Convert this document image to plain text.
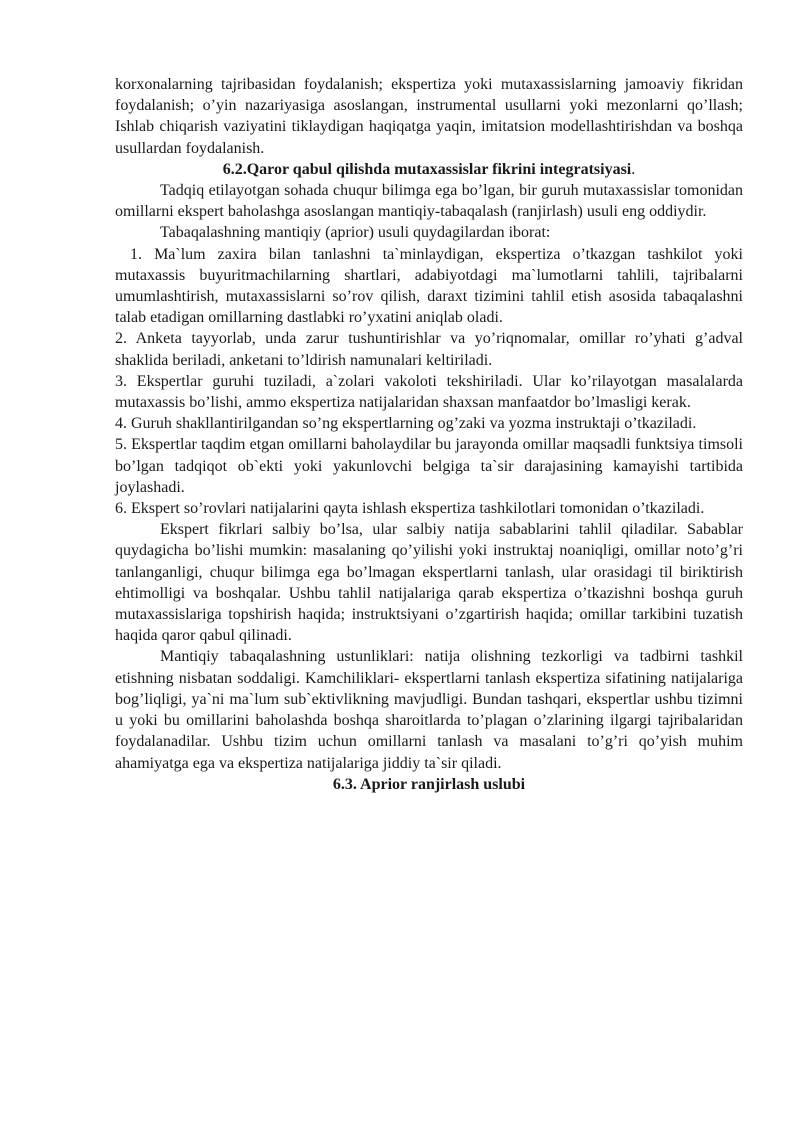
korxonalarning tajribasidan foydalanish; ekspertiza yoki mutaxassislarning jamoaviy fikridan foydalanish; o’yin nazariyasiga asoslangan, instrumental usullarni yoki mezonlarni qo’llash; Ishlab chiqarish vaziyatini tiklaydigan haqiqatga yaqin, imitatsion modellashtirishdan va boshqa usullardan foydalanish.

6.2.Qaror qabul qilishda mutaxassislar fikrini integratsiyasi.

Tadqiq etilayotgan sohada chuqur bilimga ega bo’lgan, bir guruh mutaxassislar tomonidan omillarni ekspert baholashga asoslangan mantiqiy-tabaqalash (ranjirlash) usuli eng oddiydir.

Tabaqalashning mantiqiy (aprior) usuli quydagilardan iborat:

1. Ma`lum zaxira bilan tanlashni ta`minlaydigan, ekspertiza o’tkazgan tashkilot yoki mutaxassis buyuritmachilarning shartlari, adabiyotdagi ma`lumotlarni tahlili, tajribalarni umumlashtirish, mutaxassislarni so’rov qilish, daraxt tizimini tahlil etish asosida tabaqalashni talab etadigan omillarning dastlabki ro’yxatini aniqlab oladi.

2. Anketa tayyorlab, unda zarur tushuntirishlar va yo’riqnomalar, omillar ro’yhati g’adval shaklida beriladi, anketani to’ldirish namunalari keltiriladi.

3. Ekspertlar guruhi tuziladi, a`zolari vakoloti tekshiriladi. Ular ko’rilayotgan masalalarda mutaxassis bo’lishi, ammo ekspertiza natijalaridan shaxsan manfaatdor bo’lmasligi kerak.

4. Guruh shakllantirilgandan so’ng ekspertlarning og’zaki va yozma instruktaji o’tkaziladi.

5. Ekspertlar taqdim etgan omillarni baholaydilar bu jarayonda omillar maqsadli funktsiya timsoli bo’lgan tadqiqot ob`ekti yoki yakunlovchi belgiga ta`sir darajasining kamayishi tartibida joylashadi.

6. Ekspert so’rovlari natijalarini qayta ishlash ekspertiza tashkilotlari tomonidan o’tkaziladi.

Ekspert fikrlari salbiy bo’lsa, ular salbiy natija sabablarini tahlil qiladilar. Sabablar quydagicha bo’lishi mumkin: masalaning qo’yilishi yoki instruktaj noaniqligi, omillar noto’g’ri tanlanganligi, chuqur bilimga ega bo’lmagan ekspertlarni tanlash, ular orasidagi til biriktirish ehtimolligi va boshqalar. Ushbu tahlil natijalariga qarab ekspertiza o’tkazishni boshqa guruh mutaxassislariga topshirish haqida; instruktsiyani o’zgartirish haqida; omillar tarkibini tuzatish haqida qaror qabul qilinadi.

Mantiqiy tabaqalashning ustunliklari: natija olishning tezkorligi va tadbirni tashkil etishning nisbatan soddaligi. Kamchiliklari- ekspertlarni tanlash ekspertiza sifatining natijalariga bog’liqligi, ya`ni ma`lum sub`ektivlikning mavjudligi. Bundan tashqari, ekspertlar ushbu tizimni u yoki bu omillarini baholashda boshqa sharoitlarda to’plagan o’zlarining ilgargi tajribalaridan foydalanadilar. Ushbu tizim uchun omillarni tanlash va masalani to’g’ri qo’yish muhim ahamiyatga ega va ekspertiza natijalariga jiddiy ta`sir qiladi.

6.3. Aprior ranjirlash uslubi
